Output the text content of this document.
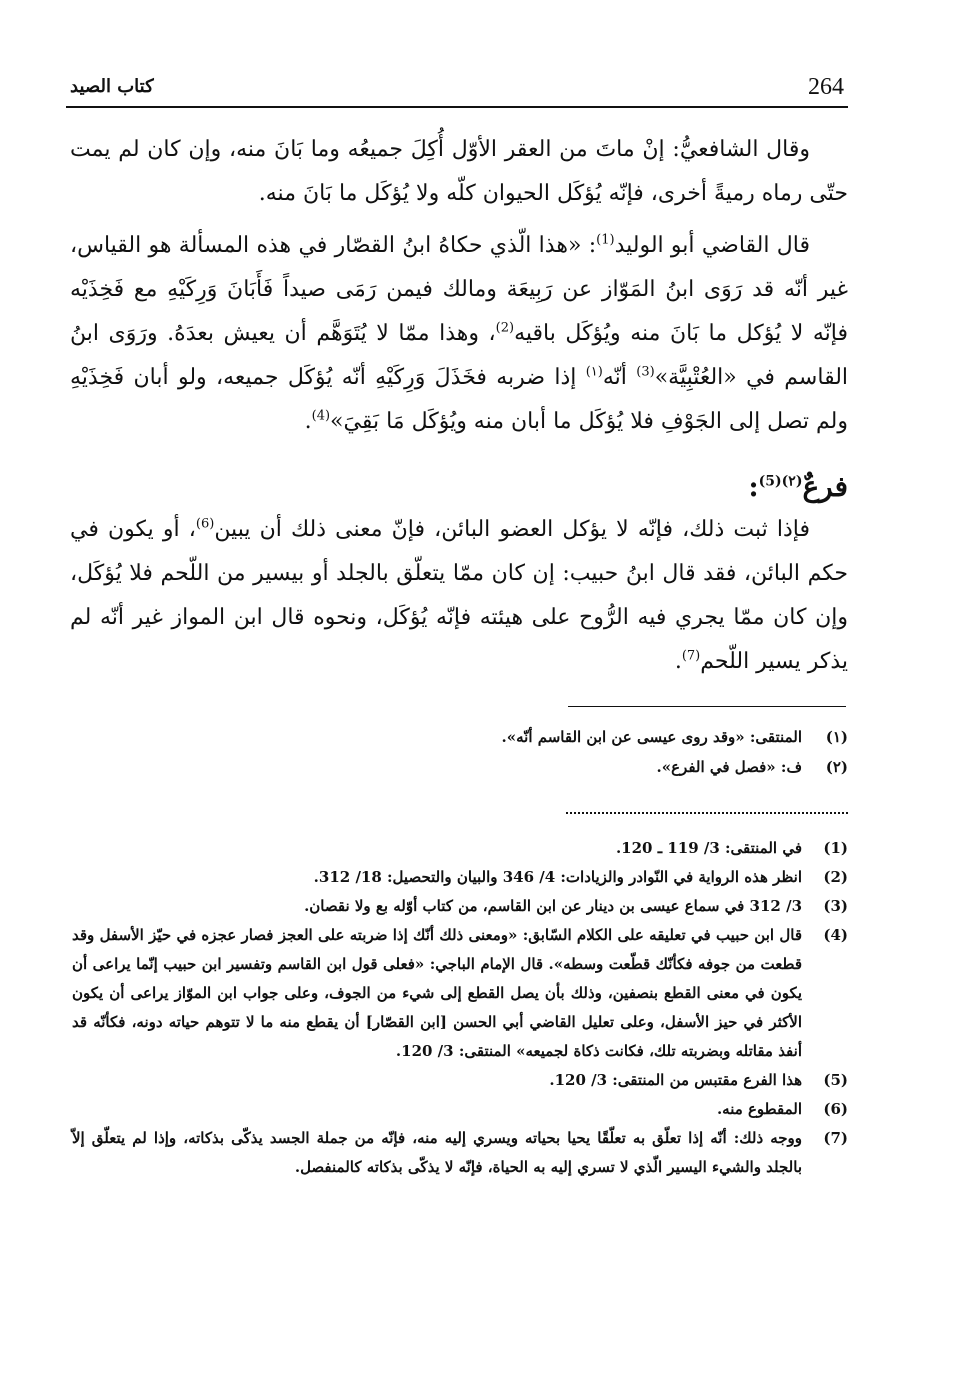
264
كتاب الصيد

وقال الشافعيُّ: إنْ ماتَ من العقر الأوّل أُكِلَ جميعُه وما بَانَ منه، وإن كان لم يمت حتّى رماه رميةً أخرى، فإنّه يُؤكَل الحيوان كلّه ولا يُؤكَل ما بَانَ منه.

قال القاضي أبو الوليد$^{(1)}$: «هذا الّذي حكاهُ ابنُ القصّار في هذه المسألة هو القياس، غير أنّه قد رَوَى ابنُ المَوّاز عن رَبِيعَة ومالك فيمن رَمَى صيداً فَأَبَانَ وَرِكَيْهِ مع فَخِذَيْه فإنّه لا يُؤكل ما بَانَ منه ويُؤكَل باقيه$^{(2)}$، وهذا ممّا لا يُتَوَهَّم أن يعيش بعدَهُ. ورَوَى ابنُ القاسم في «العُتْبِيَّة»$^{(3)}$ أنّه$^{(١)}$ إذا ضربه فخَذَلَ وَرِكَيْهِ أنّه يُؤكَل جميعه، ولو أبان فَخِذَيْهِ ولم تصل إلى الجَوْفِ فلا يُؤكَل ما أبان منه ويُؤكَل مَا بَقِيَ»$^{(4)}$.

فرعٌ$^{(٢)(5)}$:

فإذا ثبت ذلك، فإنّه لا يؤكل العضو البائن، فإنّ معنى ذلك أن يبين$^{(6)}$، أو يكون في حكم البائن، فقد قال ابنُ حبيب: إن كان ممّا يتعلّق بالجلد أو بيسير من اللّحم فلا يُؤكَل، وإن كان ممّا يجري فيه الرُّوح على هيئته فإنّه يُؤكَل، ونحوه قال ابن المواز غير أنّه لم يذكر يسير اللّحم$^{(7)}$.

(١)
المنتقى: «وقد روى عيسى عن ابن القاسم أنّه».
(٢)
ف: «فصل في الفرع».
(1)
في المنتقى: 3/ 119 ـ 120.
(2)
انظر هذه الرواية في النّوادر والزيادات: 4/ 346 والبيان والتحصيل: 18/ 312.
(3)
3/ 312 في سماع عيسى بن دينار عن ابن القاسم، من كتاب أوّله بع ولا نقصان.
(4)
قال ابن حبيب في تعليقه على الكلام السّابق: «ومعنى ذلك أنّك إذا ضربته على العجز فصار عجزه في حيّز الأسفل وقد قطعت من جوفه فكأنّك قطّعت وسطه». قال الإمام الباجي: «فعلى قول ابن القاسم وتفسير ابن حبيب إنّما يراعى أن يكون في معنى القطع بنصفين، وذلك بأن يصل القطع إلى شيء من الجوف، وعلى جواب ابن الموّاز يراعى أن يكون الأكثر في حيز الأسفل، وعلى تعليل القاضي أبي الحسن [ابن القصّار] أن يقطع منه ما لا تتوهم حياته دونه، فكأنّه قد أنفذ مقاتله وبضربته تلك، فكانت ذكاة لجميعه» المنتقى: 3/ 120.
(5)
هذا الفرع مقتبس من المنتقى: 3/ 120.
(6)
المقطوع منه.
(7)
ووجه ذلك: أنّه إذا تعلّق به تعلّقًا يحيا بحياته ويسري إليه منه، فإنّه من جملة الجسد يذكّى بذكاته، وإذا لم يتعلّق إلاّ بالجلد والشيء اليسير الّذي لا تسري إليه به الحياة، فإنّه لا يذكّى بذكاته كالمنفصل.
